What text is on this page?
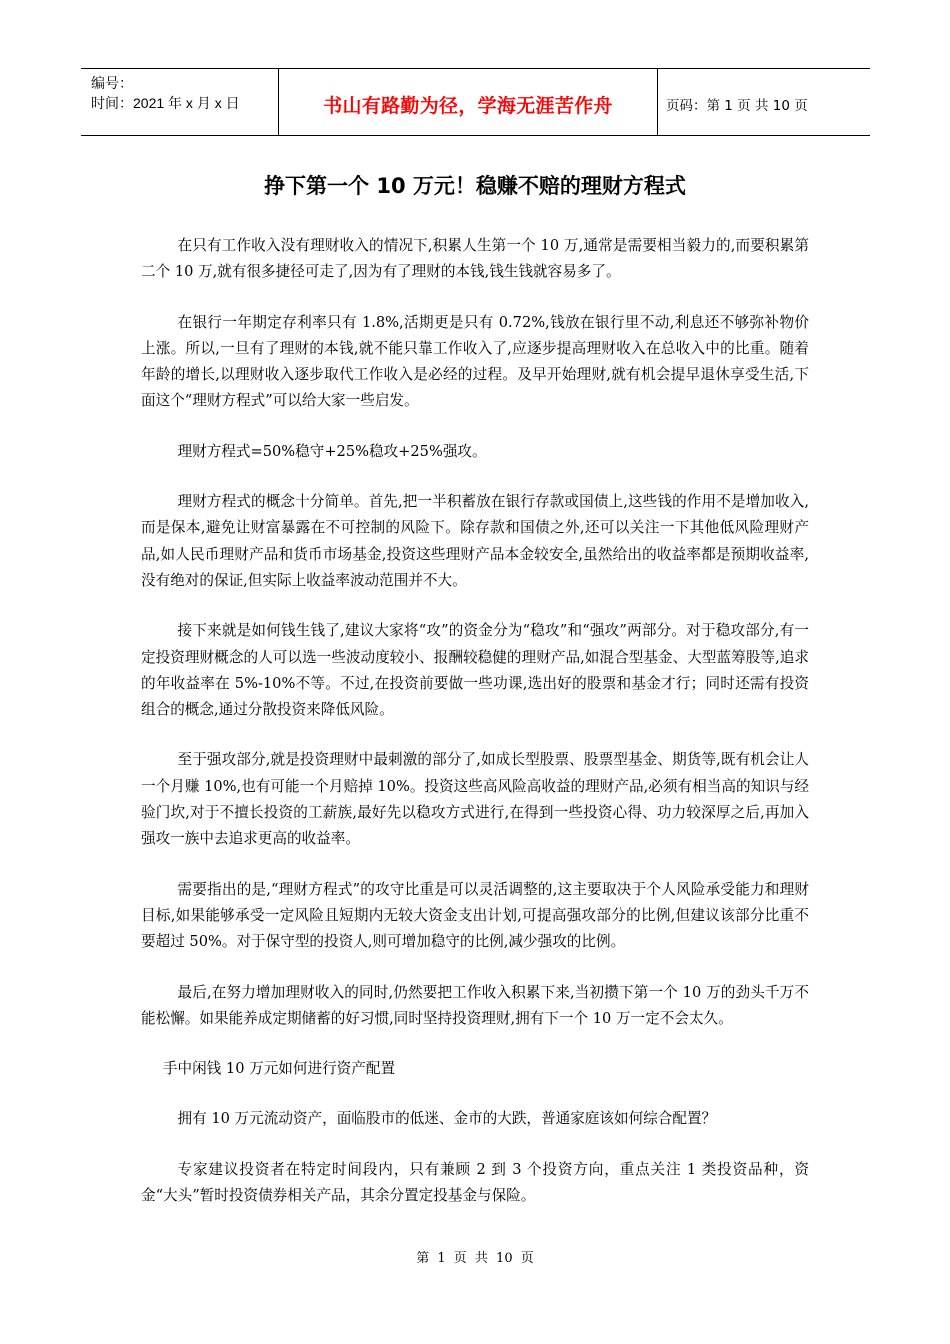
编号：
时间：2021 年 x 月 x 日	书山有路勤为径，学海无涯苦作舟	页码：第 1 页 共 10 页
挣下第一个 10 万元！稳赚不赔的理财方程式

在只有工作收入没有理财收入的情况下,积累人生第一个 10 万,通常是需要相当毅力的,而要积累第二个 10 万,就有很多捷径可走了,因为有了理财的本钱,钱生钱就容易多了。

在银行一年期定存利率只有 1.8%,活期更是只有 0.72%,钱放在银行里不动,利息还不够弥补物价上涨。所以,一旦有了理财的本钱,就不能只靠工作收入了,应逐步提高理财收入在总收入中的比重。随着年龄的增长,以理财收入逐步取代工作收入是必经的过程。及早开始理财,就有机会提早退休享受生活,下面这个“理财方程式”可以给大家一些启发。

理财方程式=50%稳守+25%稳攻+25%强攻。

理财方程式的概念十分简单。首先,把一半积蓄放在银行存款或国债上,这些钱的作用不是增加收入,而是保本,避免让财富暴露在不可控制的风险下。除存款和国债之外,还可以关注一下其他低风险理财产品,如人民币理财产品和货币市场基金,投资这些理财产品本金较安全,虽然给出的收益率都是预期收益率,没有绝对的保证,但实际上收益率波动范围并不大。

接下来就是如何钱生钱了,建议大家将“攻”的资金分为“稳攻”和“强攻”两部分。对于稳攻部分,有一定投资理财概念的人可以选一些波动度较小、报酬较稳健的理财产品,如混合型基金、大型蓝筹股等,追求的年收益率在 5%-10%不等。不过,在投资前要做一些功课,选出好的股票和基金才行；同时还需有投资组合的概念,通过分散投资来降低风险。

至于强攻部分,就是投资理财中最刺激的部分了,如成长型股票、股票型基金、期货等,既有机会让人一个月赚 10%,也有可能一个月赔掉 10%。投资这些高风险高收益的理财产品,必须有相当高的知识与经验门坎,对于不擅长投资的工薪族,最好先以稳攻方式进行,在得到一些投资心得、功力较深厚之后,再加入强攻一族中去追求更高的收益率。

需要指出的是,“理财方程式”的攻守比重是可以灵活调整的,这主要取决于个人风险承受能力和理财目标,如果能够承受一定风险且短期内无较大资金支出计划,可提高强攻部分的比例,但建议该部分比重不要超过 50%。对于保守型的投资人,则可增加稳守的比例,减少强攻的比例。

最后,在努力增加理财收入的同时,仍然要把工作收入积累下来,当初攒下第一个 10 万的劲头千万不能松懈。如果能养成定期储蓄的好习惯,同时坚持投资理财,拥有下一个 10 万一定不会太久。

手中闲钱 10 万元如何进行资产配置

拥有 10 万元流动资产，面临股市的低迷、金市的大跌，普通家庭该如何综合配置？

专家建议投资者在特定时间段内，只有兼顾 2 到 3 个投资方向，重点关注 1 类投资品种，资金“大头”暂时投资债券相关产品，其余分置定投基金与保险。

第 1 页 共 10 页
